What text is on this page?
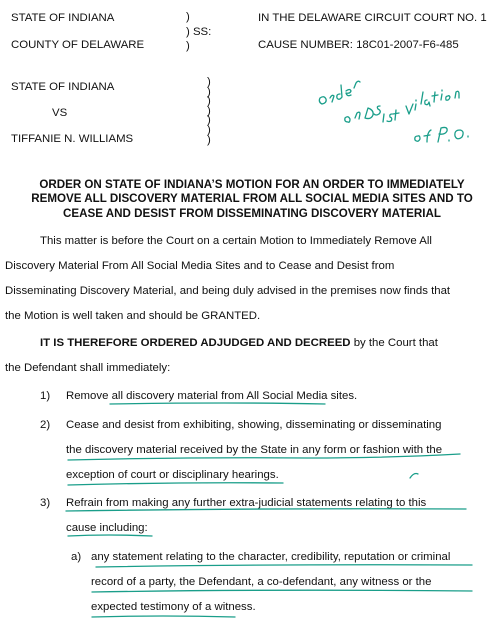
STATE OF INDIANA	)
) SS:
)
COUNTY OF DELAWARE
IN THE DELAWARE CIRCUIT COURT NO. 1
CAUSE NUMBER: 18C01-2007-F6-485
STATE OF INDIANA
VS
TIFFANIE N. WILLIAMS
)
)
)
)
)
)
)
ORDER ON STATE OF INDIANA’S MOTION FOR AN ORDER TO IMMEDIATELY
REMOVE ALL DISCOVERY MATERIAL FROM ALL SOCIAL MEDIA SITES AND TO
CEASE AND DESIST FROM DISSEMINATING DISCOVERY MATERIAL
This matter is before the Court on a certain Motion to Immediately Remove All
Discovery Material From All Social Media Sites and to Cease and Desist from
Disseminating Discovery Material, and being duly advised in the premises now finds that
the Motion is well taken and should be GRANTED.
IT IS THEREFORE ORDERED ADJUDGED AND DECREED by the Court that
the Defendant shall immediately:
1) Remove all discovery material from All Social Media sites.
2) Cease and desist from exhibiting, showing, disseminating or disseminating
the discovery material received by the State in any form or fashion with the
exception of court or disciplinary hearings.
3) Refrain from making any further extra-judicial statements relating to this
cause including:
a) any statement relating to the character, credibility, reputation or criminal
record of a party, the Defendant, a co-defendant, any witness or the
expected testimony of a witness.
